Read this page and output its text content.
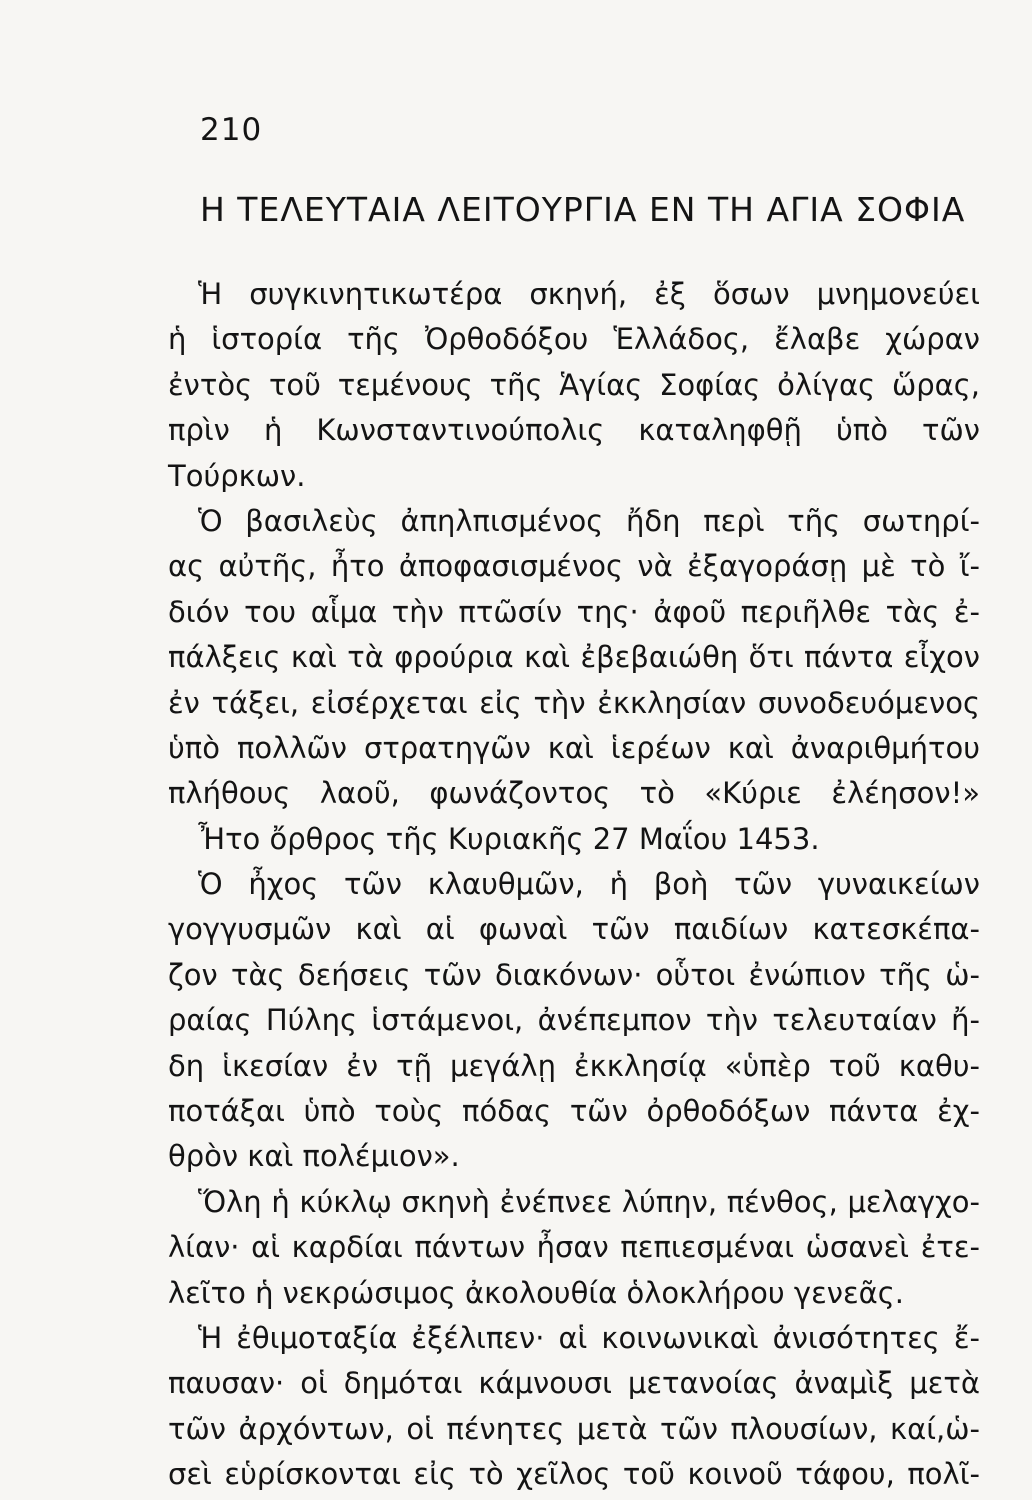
210
Η ΤΕΛΕΥΤΑΙΑ ΛΕΙΤΟΥΡΓΙΑ ΕΝ ΤΗ ΑΓΙΑ ΣΟΦΙΑ
Ἡ συγκινητικωτέρα σκηνή, ἐξ ὅσων μνημονεύει
ἡ ἱστορία τῆς Ὀρθοδόξου Ἑλλάδος, ἔλαβε χώραν
ἐντὸς τοῦ τεμένους τῆς Ἁγίας Σοφίας ὀλίγας ὥρας,
πρὶν ἡ Κωνσταντινούπολις καταληφθῇ ὑπὸ τῶν
Τούρκων.
Ὁ βασιλεὺς ἀπηλπισμένος ἤδη περὶ τῆς σωτηρί-
ας αὐτῆς, ἦτο ἀποφασισμένος νὰ ἐξαγοράσῃ μὲ τὸ ἴ-
διόν του αἷμα τὴν πτῶσίν της· ἀφοῦ περιῆλθε τὰς ἐ-
πάλξεις καὶ τὰ φρούρια καὶ ἐβεβαιώθη ὅτι πάντα εἶχον
ἐν τάξει, εἰσέρχεται εἰς τὴν ἐκκλησίαν συνοδευόμενος
ὑπὸ πολλῶν στρατηγῶν καὶ ἱερέων καὶ ἀναριθμήτου
πλήθους λαοῦ, φωνάζοντος τὸ «Κύριε ἐλέησον!»
Ἦτο ὄρθρος τῆς Κυριακῆς 27 Μαΐου 1453.
Ὁ ἦχος τῶν κλαυθμῶν, ἡ βοὴ τῶν γυναικείων
γογγυσμῶν καὶ αἱ φωναὶ τῶν παιδίων κατεσκέπα-
ζον τὰς δεήσεις τῶν διακόνων· οὗτοι ἐνώπιον τῆς ὡ-
ραίας Πύλης ἱστάμενοι, ἀνέπεμπον τὴν τελευταίαν ἤ-
δη ἱκεσίαν ἐν τῇ μεγάλῃ ἐκκλησίᾳ «ὑπὲρ τοῦ καθυ-
ποτάξαι ὑπὸ τοὺς πόδας τῶν ὀρθοδόξων πάντα ἐχ-
θρὸν καὶ πολέμιον».
Ὅλη ἡ κύκλῳ σκηνὴ ἐνέπνεε λύπην, πένθος, μελαγχο-
λίαν· αἱ καρδίαι πάντων ἦσαν πεπιεσμέναι ὡσανεὶ ἐτε-
λεῖτο ἡ νεκρώσιμος ἀκολουθία ὁλοκλήρου γενεᾶς.
Ἡ ἐθιμοταξία ἐξέλιπεν· αἱ κοινωνικαὶ ἀνισότητες ἔ-
παυσαν· οἱ δημόται κάμνουσι μετανοίας ἀναμὶξ μετὰ
τῶν ἀρχόντων, οἱ πένητες μετὰ τῶν πλουσίων, καί,ὡ-
σεὶ εὑρίσκονται εἰς τὸ χεῖλος τοῦ κοινοῦ τάφου, πολῖ-
